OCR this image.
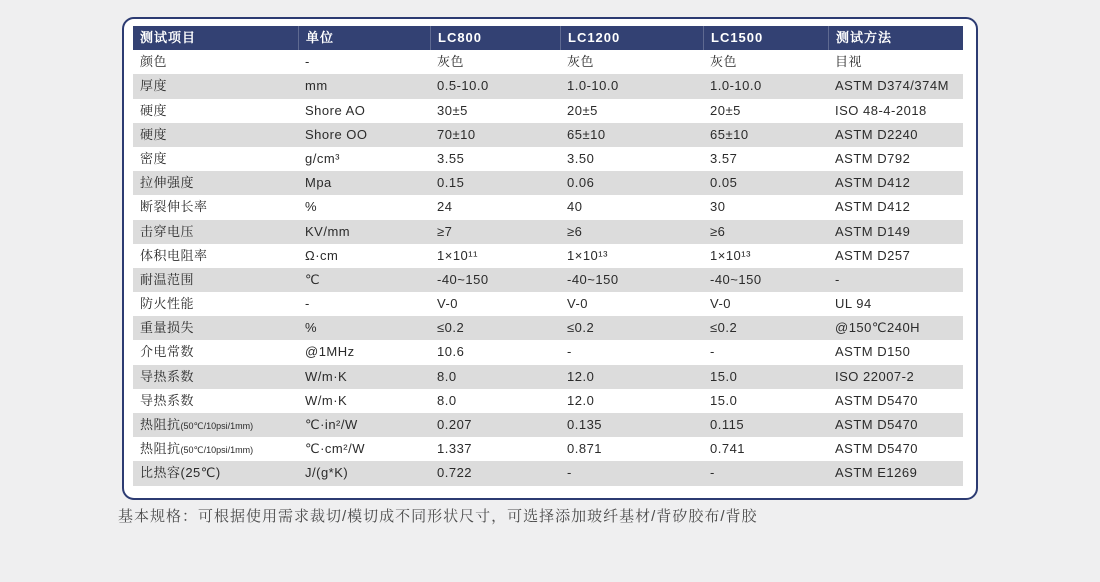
测试项目	单位	LC800	LC1200	LC1500	测试方法
颜色	-	灰色	灰色	灰色	目视
厚度	mm	0.5-10.0	1.0-10.0	1.0-10.0	ASTM D374/374M
硬度	Shore AO	30±5	20±5	20±5	ISO 48-4-2018
硬度	Shore OO	70±10	65±10	65±10	ASTM D2240
密度	g/cm³	3.55	3.50	3.57	ASTM D792
拉伸强度	Mpa	0.15	0.06	0.05	ASTM D412
断裂伸长率	%	24	40	30	ASTM D412
击穿电压	KV/mm	≥7	≥6	≥6	ASTM D149
体积电阻率	Ω·cm	1×10¹¹	1×10¹³	1×10¹³	ASTM D257
耐温范围	℃	-40~150	-40~150	-40~150	-
防火性能	-	V-0	V-0	V-0	UL 94
重量损失	%	≤0.2	≤0.2	≤0.2	@150℃240H
介电常数	@1MHz	10.6	-	-	ASTM D150
导热系数	W/m·K	8.0	12.0	15.0	ISO 22007-2
导热系数	W/m·K	8.0	12.0	15.0	ASTM D5470
热阻抗(50℃/10psi/1mm)	℃·in²/W	0.207	0.135	0.115	ASTM D5470
热阻抗(50℃/10psi/1mm)	℃·cm²/W	1.337	0.871	0.741	ASTM D5470
比热容(25℃)	J/(g*K)	0.722	-	-	ASTM E1269
基本规格：可根据使用需求裁切/模切成不同形状尺寸，可选择添加玻纤基材/背矽胶布/背胶
